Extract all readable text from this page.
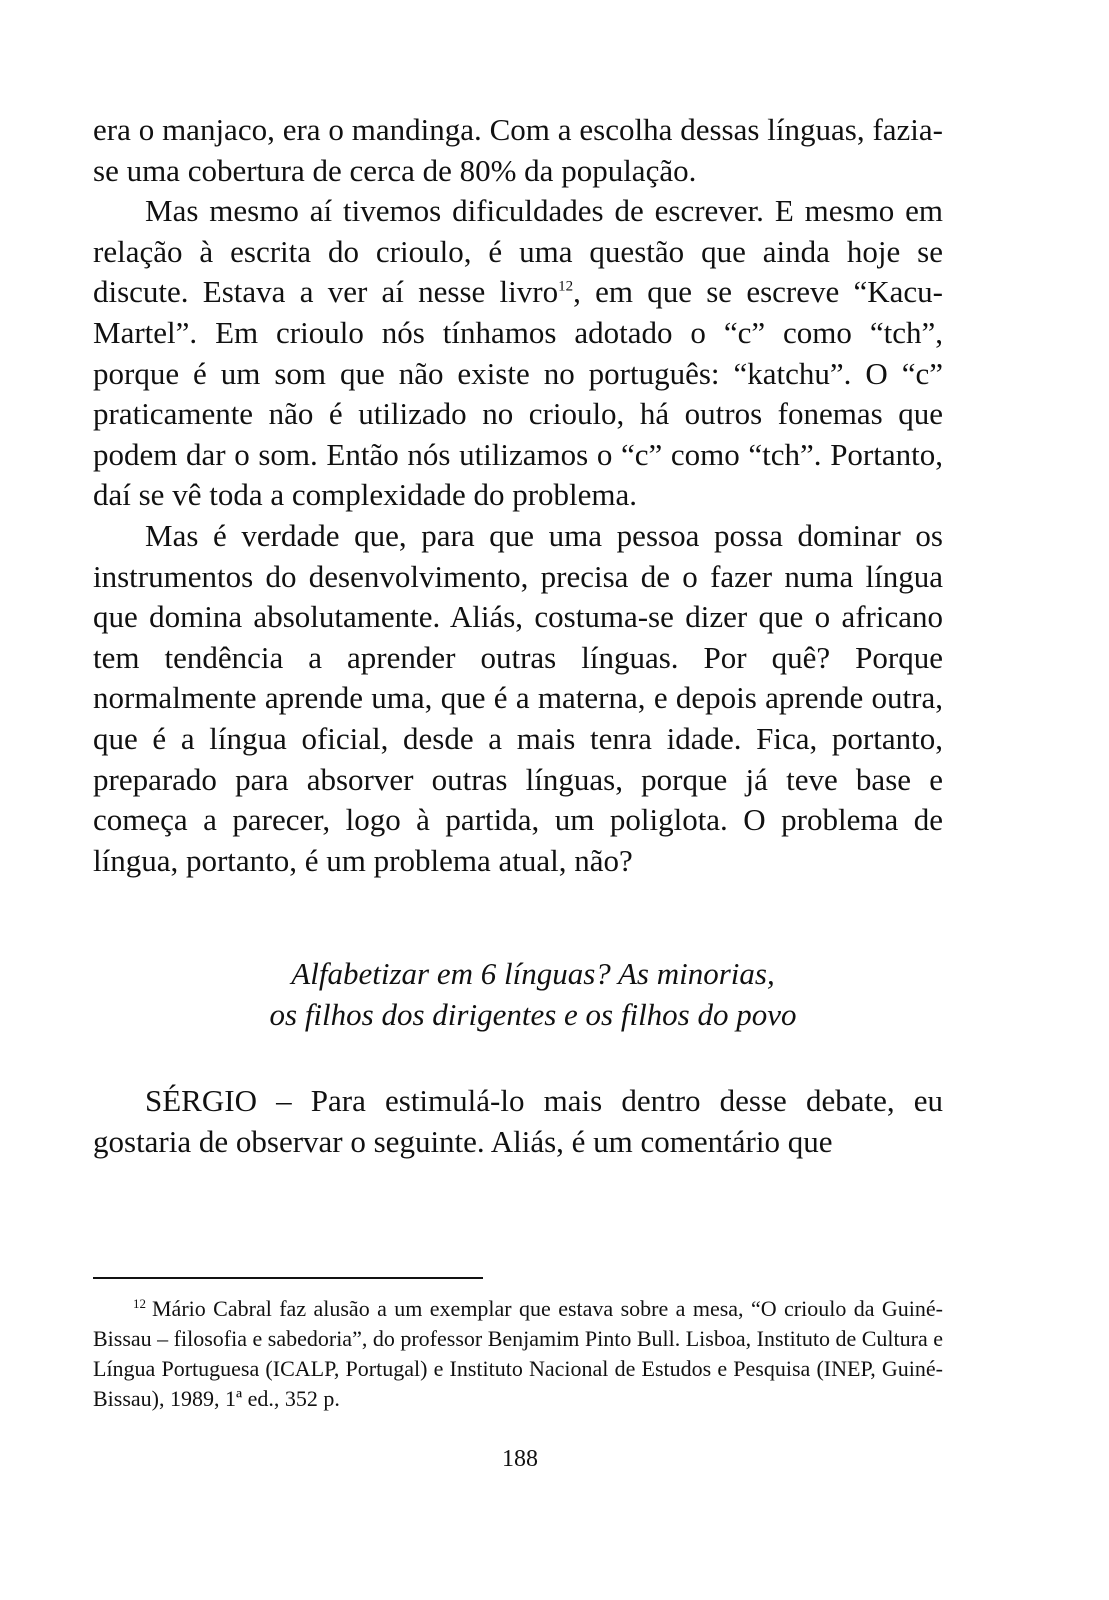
era o manjaco, era o mandinga. Com a escolha dessas línguas, fazia-se uma cobertura de cerca de 80% da população.

Mas mesmo aí tivemos dificuldades de escrever. E mesmo em relação à escrita do crioulo, é uma questão que ainda hoje se discute. Estava a ver aí nesse livro$^{12}$, em que se escreve “Kacu-Martel”. Em crioulo nós tínhamos adotado o “c” como “tch”, porque é um som que não existe no português: “katchu”. O “c” praticamente não é utilizado no crioulo, há outros fonemas que podem dar o som. Então nós utilizamos o “c” como “tch”. Portanto, daí se vê toda a complexidade do problema.

Mas é verdade que, para que uma pessoa possa dominar os instrumentos do desenvolvimento, precisa de o fazer numa língua que domina absolutamente. Aliás, costuma-se dizer que o africano tem tendência a aprender outras línguas. Por quê? Porque normalmente aprende uma, que é a materna, e depois aprende outra, que é a língua oficial, desde a mais tenra idade. Fica, portanto, preparado para absorver outras línguas, porque já teve base e começa a parecer, logo à partida, um poliglota. O problema de língua, portanto, é um problema atual, não?

Alfabetizar em 6 línguas? As minorias,
os filhos dos dirigentes e os filhos do povo

SÉRGIO – Para estimulá-lo mais dentro desse debate, eu gostaria de observar o seguinte. Aliás, é um comentário que

$^{12}$ Mário Cabral faz alusão a um exemplar que estava sobre a mesa, “O crioulo da Guiné-Bissau – filosofia e sabedoria”, do professor Benjamim Pinto Bull. Lisboa, Instituto de Cultura e Língua Portuguesa (ICALP, Portugal) e Instituto Nacional de Estudos e Pesquisa (INEP, Guiné-Bissau), 1989, 1ª ed., 352 p.

188
